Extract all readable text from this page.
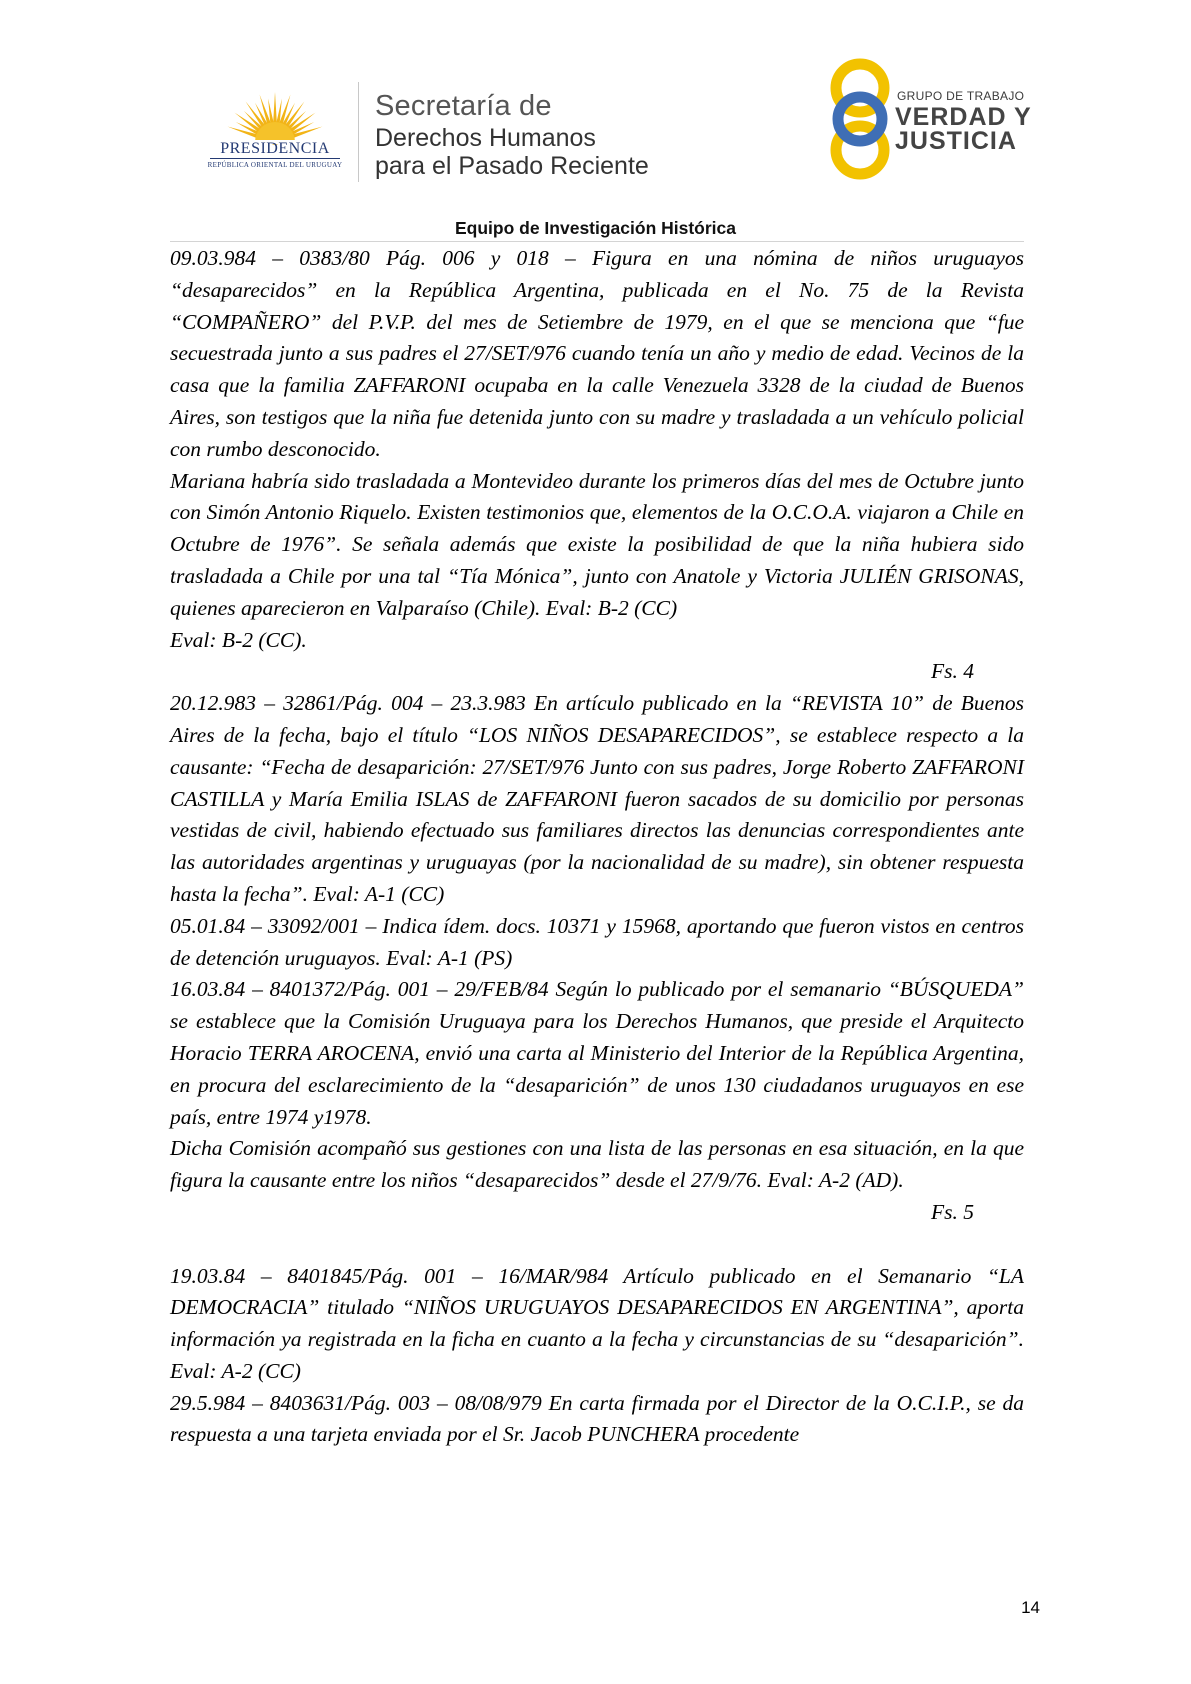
PRESIDENCIA
REPÚBLICA ORIENTAL DEL URUGUAY
Secretaría de
Derechos Humanos
para el Pasado Reciente
GRUPO DE TRABAJO
VERDAD Y
JUSTICIA
Equipo de Investigación Histórica

09.03.984 – 0383/80 Pág. 006 y 018 – Figura en una nómina de niños uruguayos “desaparecidos” en la República Argentina, publicada en el No. 75 de la Revista “COMPAÑERO” del P.V.P. del mes de Setiembre de 1979, en el que se menciona que “fue secuestrada junto a sus padres el 27/SET/976 cuando tenía un año y medio de edad. Vecinos de la casa que la familia ZAFFARONI ocupaba en la calle Venezuela 3328 de la ciudad de Buenos Aires, son testigos que la niña fue detenida junto con su madre y trasladada a un vehículo policial con rumbo desconocido.

Mariana habría sido trasladada a Montevideo durante los primeros días del mes de Octubre junto con Simón Antonio Riquelo. Existen testimonios que, elementos de la O.C.O.A. viajaron a Chile en Octubre de 1976”. Se señala además que existe la posibilidad de que la niña hubiera sido trasladada a Chile por una tal “Tía Mónica”, junto con Anatole y Victoria JULIÉN GRISONAS, quienes aparecieron en Valparaíso (Chile). Eval: B-2 (CC)

Eval: B-2 (CC).

Fs. 4

20.12.983 – 32861/Pág. 004 – 23.3.983 En artículo publicado en la “REVISTA 10” de Buenos Aires de la fecha, bajo el título “LOS NIÑOS DESAPARECIDOS”, se establece respecto a la causante: “Fecha de desaparición: 27/SET/976 Junto con sus padres, Jorge Roberto ZAFFARONI CASTILLA y María Emilia ISLAS de ZAFFARONI fueron sacados de su domicilio por personas vestidas de civil, habiendo efectuado sus familiares directos las denuncias correspondientes ante las autoridades argentinas y uruguayas (por la nacionalidad de su madre), sin obtener respuesta hasta la fecha”. Eval: A-1 (CC)

05.01.84 – 33092/001 – Indica ídem. docs. 10371 y 15968, aportando que fueron vistos en centros de detención uruguayos. Eval: A-1 (PS)

16.03.84 – 8401372/Pág. 001 – 29/FEB/84 Según lo publicado por el semanario “BÚSQUEDA” se establece que la Comisión Uruguaya para los Derechos Humanos, que preside el Arquitecto Horacio TERRA AROCENA, envió una carta al Ministerio del Interior de la República Argentina, en procura del esclarecimiento de la “desaparición” de unos 130 ciudadanos uruguayos en ese país, entre 1974 y1978.

Dicha Comisión acompañó sus gestiones con una lista de las personas en esa situación, en la que figura la causante entre los niños “desaparecidos” desde el 27/9/76. Eval: A-2 (AD).

Fs. 5

19.03.84 – 8401845/Pág. 001 – 16/MAR/984 Artículo publicado en el Semanario “LA DEMOCRACIA” titulado “NIÑOS URUGUAYOS DESAPARECIDOS EN ARGENTINA”, aporta información ya registrada en la ficha en cuanto a la fecha y circunstancias de su “desaparición”. Eval: A-2 (CC)

29.5.984 – 8403631/Pág. 003 – 08/08/979 En carta firmada por el Director de la O.C.I.P., se da respuesta a una tarjeta enviada por el Sr. Jacob PUNCHERA procedente

14
